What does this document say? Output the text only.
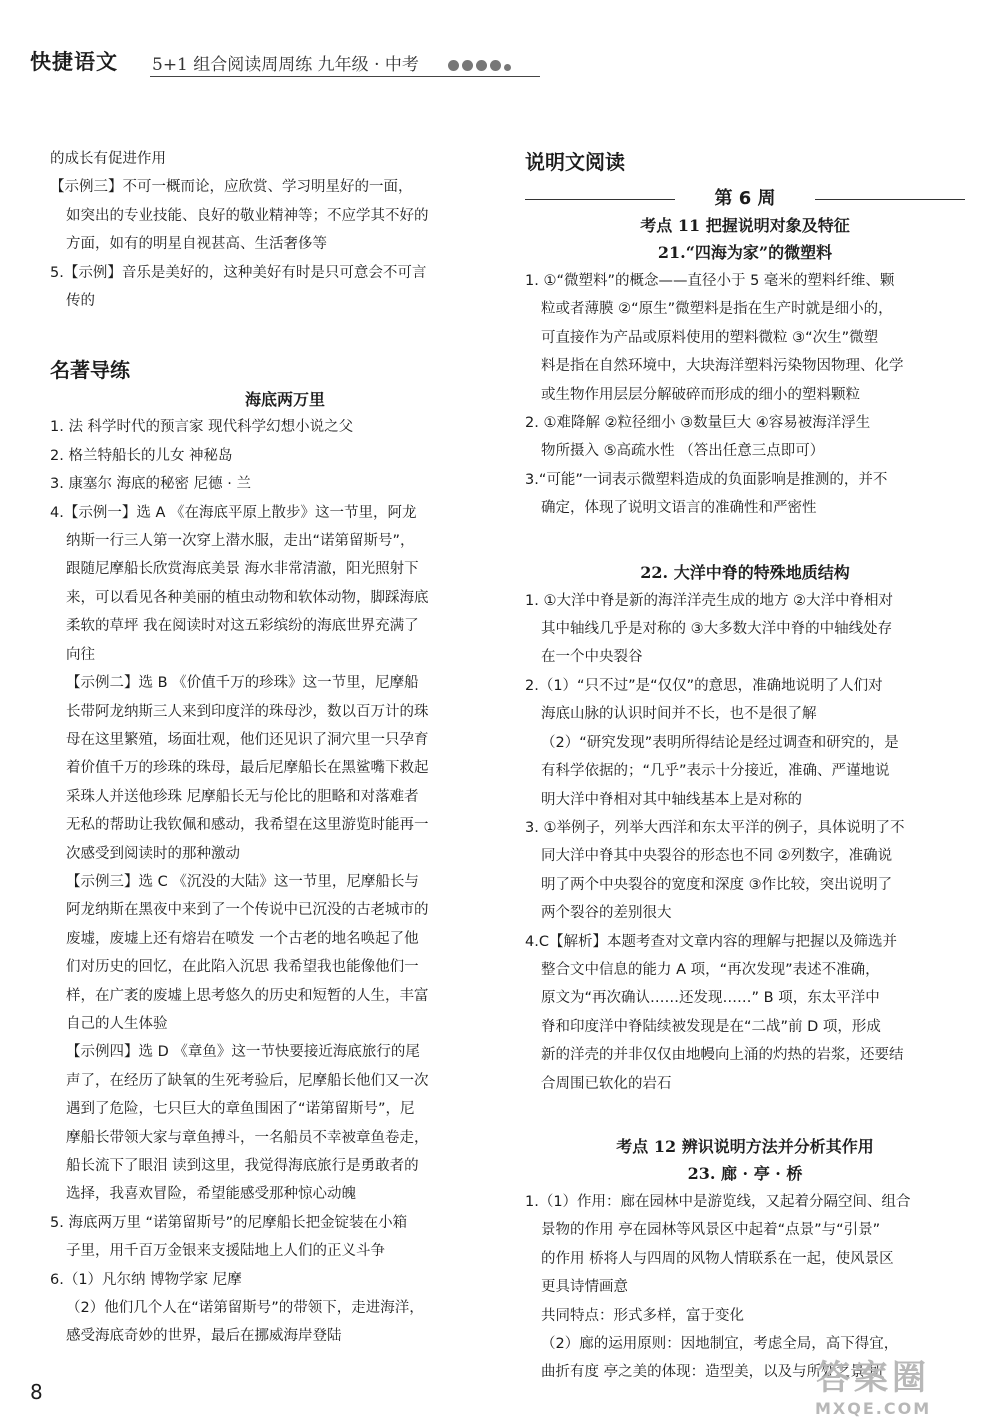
快捷语文 5+1 组合阅读周周练 九年级 · 中考
的成长有促进作用
【示例三】不可一概而论，应欣赏、学习明星好的一面，
如突出的专业技能、良好的敬业精神等；不应学其不好的
方面，如有的明星自视甚高、生活奢侈等
5.【示例】音乐是美好的，这种美好有时是只可意会不可言
传的
名著导练
海底两万里
1. 法 科学时代的预言家 现代科学幻想小说之父
2. 格兰特船长的儿女 神秘岛
3. 康塞尔 海底的秘密 尼德 · 兰
4.【示例一】选 A 《在海底平原上散步》这一节里，阿龙
纳斯一行三人第一次穿上潜水服，走出“诺第留斯号”，
跟随尼摩船长欣赏海底美景 海水非常清澈，阳光照射下
来，可以看见各种美丽的植虫动物和软体动物，脚踩海底
柔软的草坪 我在阅读时对这五彩缤纷的海底世界充满了
向往
【示例二】选 B 《价值千万的珍珠》这一节里，尼摩船
长带阿龙纳斯三人来到印度洋的珠母沙，数以百万计的珠
母在这里繁殖，场面壮观，他们还见识了洞穴里一只孕育
着价值千万的珍珠的珠母，最后尼摩船长在黑鲨嘴下救起
采珠人并送他珍珠 尼摩船长无与伦比的胆略和对落难者
无私的帮助让我钦佩和感动，我希望在这里游览时能再一
次感受到阅读时的那种激动
【示例三】选 C 《沉没的大陆》这一节里，尼摩船长与
阿龙纳斯在黑夜中来到了一个传说中已沉没的古老城市的
废墟，废墟上还有熔岩在喷发 一个古老的地名唤起了他
们对历史的回忆，在此陷入沉思 我希望我也能像他们一
样，在广袤的废墟上思考悠久的历史和短暂的人生，丰富
自己的人生体验
【示例四】选 D 《章鱼》这一节快要接近海底旅行的尾
声了，在经历了缺氧的生死考验后，尼摩船长他们又一次
遇到了危险，七只巨大的章鱼围困了“诺第留斯号”，尼
摩船长带领大家与章鱼搏斗，一名船员不幸被章鱼卷走，
船长流下了眼泪 读到这里，我觉得海底旅行是勇敢者的
选择，我喜欢冒险，希望能感受那种惊心动魄
5. 海底两万里 “诺第留斯号”的尼摩船长把金锭装在小箱
子里，用千百万金银来支援陆地上人们的正义斗争
6.（1）凡尔纳 博物学家 尼摩
（2）他们几个人在“诺第留斯号”的带领下，走进海洋，
感受海底奇妙的世界，最后在挪威海岸登陆
说明文阅读
第 6 周
考点 11 把握说明对象及特征
21.“四海为家”的微塑料
1. ①“微塑料”的概念——直径小于 5 毫米的塑料纤维、颗
粒或者薄膜 ②“原生”微塑料是指在生产时就是细小的，
可直接作为产品或原料使用的塑料微粒 ③“次生”微塑
料是指在自然环境中，大块海洋塑料污染物因物理、化学
或生物作用层层分解破碎而形成的细小的塑料颗粒
2. ①难降解 ②粒径细小 ③数量巨大 ④容易被海洋浮生
物所摄入 ⑤高疏水性 （答出任意三点即可）
3.“可能”一词表示微塑料造成的负面影响是推测的，并不
确定，体现了说明文语言的准确性和严密性
22. 大洋中脊的特殊地质结构
1. ①大洋中脊是新的海洋洋壳生成的地方 ②大洋中脊相对
其中轴线几乎是对称的 ③大多数大洋中脊的中轴线处存
在一个中央裂谷
2.（1）“只不过”是“仅仅”的意思，准确地说明了人们对
海底山脉的认识时间并不长，也不是很了解
（2）“研究发现”表明所得结论是经过调查和研究的，是
有科学依据的；“几乎”表示十分接近，准确、严谨地说
明大洋中脊相对其中轴线基本上是对称的
3. ①举例子，列举大西洋和东太平洋的例子，具体说明了不
同大洋中脊其中央裂谷的形态也不同 ②列数字，准确说
明了两个中央裂谷的宽度和深度 ③作比较，突出说明了
两个裂谷的差别很大
4.C【解析】本题考查对文章内容的理解与把握以及筛选并
整合文中信息的能力 A 项，“再次发现”表述不准确，
原文为“再次确认……还发现……” B 项，东太平洋中
脊和印度洋中脊陆续被发现是在“二战”前 D 项，形成
新的洋壳的并非仅仅由地幔向上涌的灼热的岩浆，还要结
合周围已软化的岩石
考点 12 辨识说明方法并分析其作用
23. 廊 · 亭 · 桥
1.（1）作用：廊在园林中是游览线，又起着分隔空间、组合
景物的作用 亭在园林等风景区中起着“点景”与“引景”
的作用 桥将人与四周的风物人情联系在一起，使风景区
更具诗情画意
共同特点：形式多样，富于变化
（2）廊的运用原则：因地制宜，考虑全局，高下得宜，
曲折有度 亭之美的体现：造型美，以及与所处之景 所
8	答案圈
MXQE.COM
